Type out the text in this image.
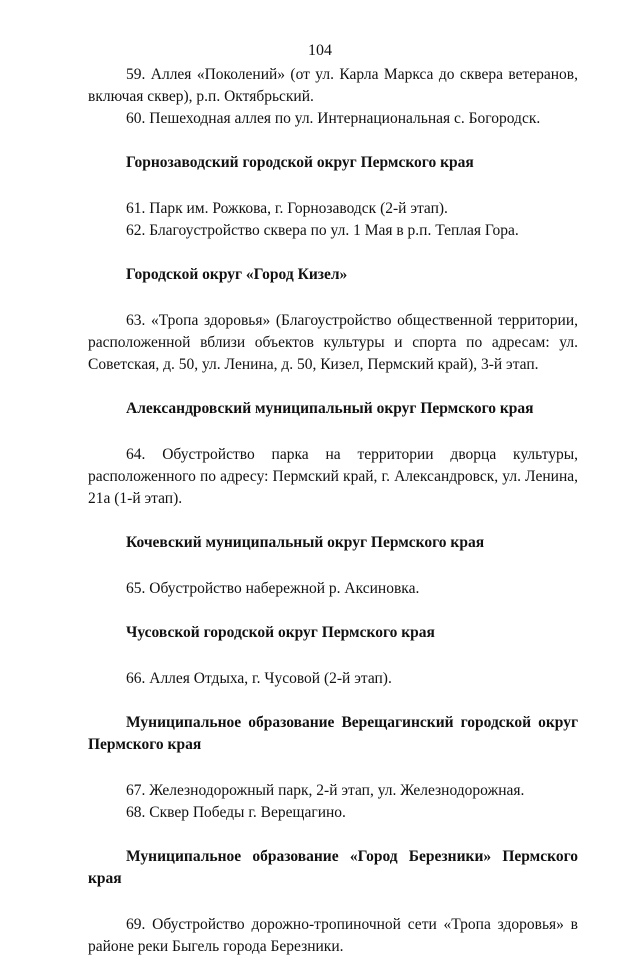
104

59. Аллея «Поколений» (от ул. Карла Маркса до сквера ветеранов, включая сквер), р.п. Октябрьский.

60. Пешеходная аллея по ул. Интернациональная с. Богородск.

Горнозаводский городской округ Пермского края

61. Парк им. Рожкова, г. Горнозаводск (2-й этап).

62. Благоустройство сквера по ул. 1 Мая в р.п. Теплая Гора.

Городской округ «Город Кизел»

63. «Тропа здоровья» (Благоустройство общественной территории, расположенной вблизи объектов культуры и спорта по адресам: ул. Советская, д. 50, ул. Ленина, д. 50, Кизел, Пермский край), 3-й этап.

Александровский муниципальный округ Пермского края

64. Обустройство парка на территории дворца культуры, расположенного по адресу: Пермский край, г. Александровск, ул. Ленина, 21а (1-й этап).

Кочевский муниципальный округ Пермского края

65. Обустройство набережной р. Аксиновка.

Чусовской городской округ Пермского края

66. Аллея Отдыха, г. Чусовой (2-й этап).

Муниципальное образование Верещагинский городской округ Пермского края

67. Железнодорожный парк, 2-й этап, ул. Железнодорожная.

68. Сквер Победы г. Верещагино.

Муниципальное образование «Город Березники» Пермского края

69. Обустройство дорожно-тропиночной сети «Тропа здоровья» в районе реки Быгель города Березники.
